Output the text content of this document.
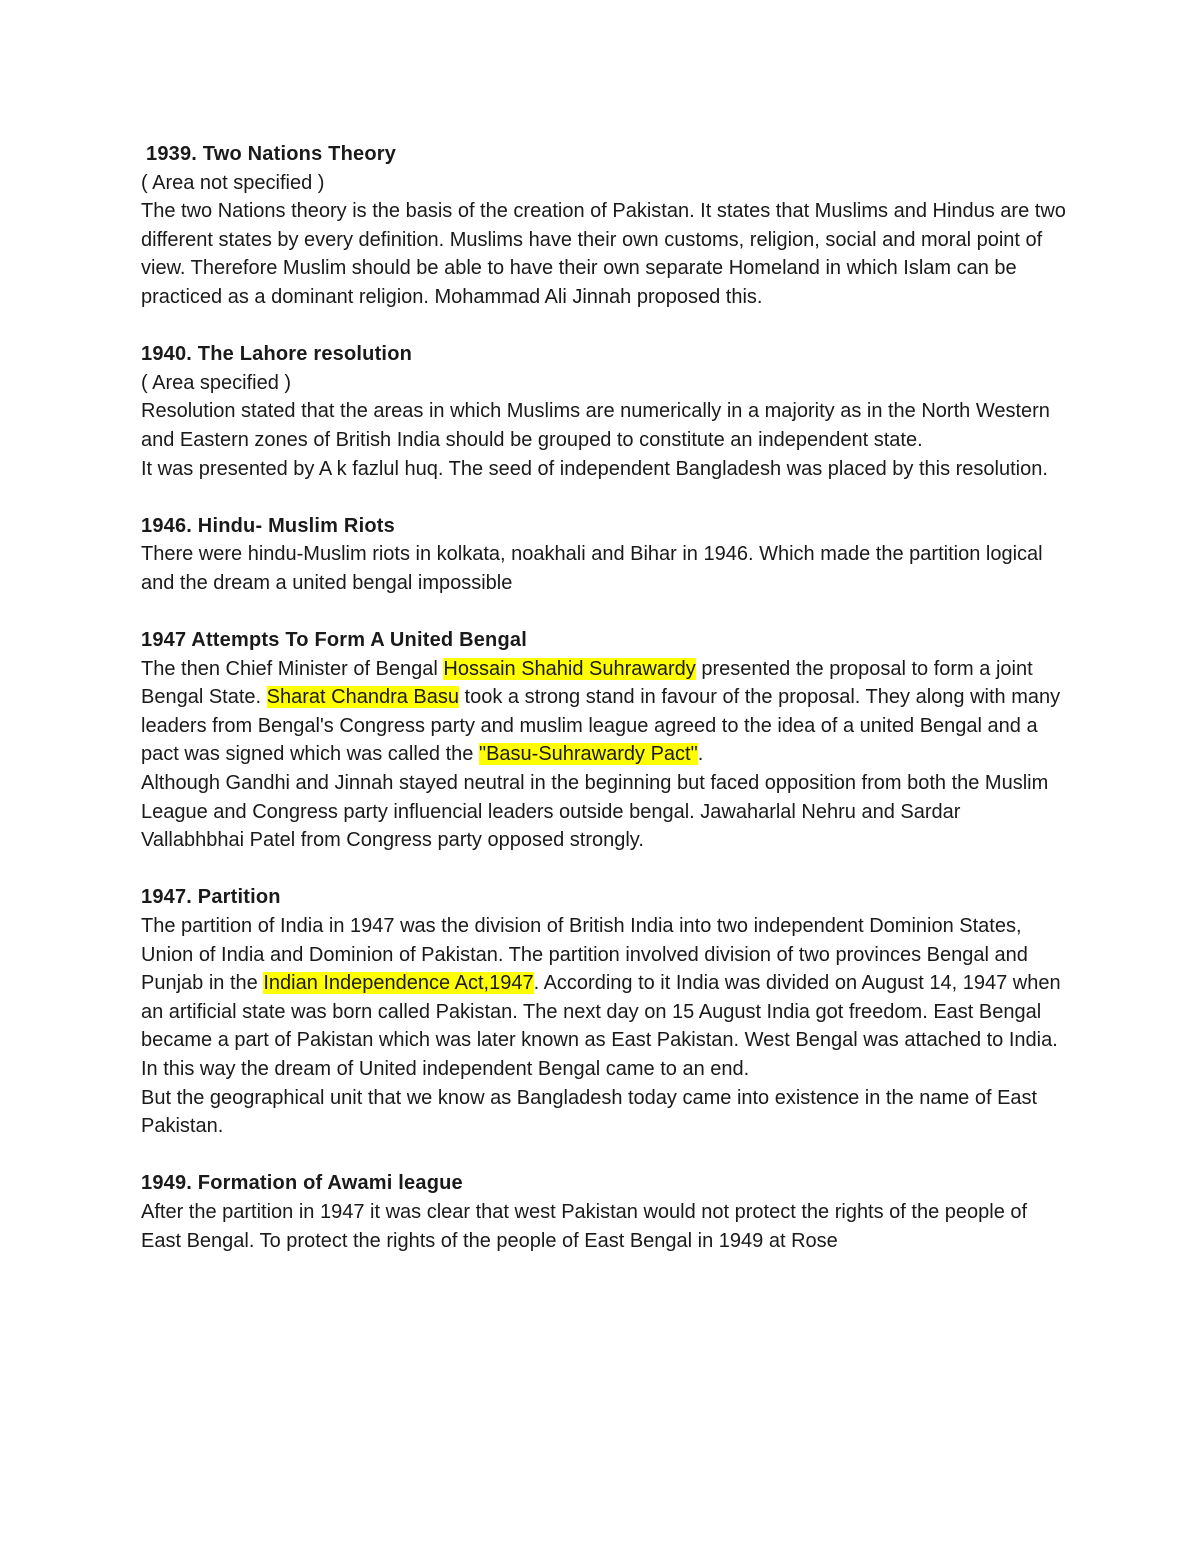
1939. Two Nations Theory

( Area not specified )

The two Nations theory is the basis of the creation of Pakistan. It states that Muslims and Hindus are two different states by every definition. Muslims have their own customs, religion, social and moral point of view. Therefore Muslim should be able to have their own separate Homeland in which Islam can be practiced as a dominant religion. Mohammad Ali Jinnah proposed this.

1940. The Lahore resolution

( Area specified )

Resolution stated that the areas in which Muslims are numerically in a majority as in the North Western and Eastern zones of British India should be grouped to constitute an independent state.

It was presented by A k fazlul huq. The seed of independent Bangladesh was placed by this resolution.

1946. Hindu- Muslim Riots

There were hindu-Muslim riots in kolkata, noakhali and Bihar in 1946. Which made the partition logical and the dream a united bengal impossible

1947 Attempts To Form A United Bengal

The then Chief Minister of Bengal Hossain Shahid Suhrawardy presented the proposal to form a joint Bengal State. Sharat Chandra Basu took a strong stand in favour of the proposal. They along with many leaders from Bengal's Congress party and muslim league agreed to the idea of a united Bengal and a pact was signed which was called the "Basu-Suhrawardy Pact".

Although Gandhi and Jinnah stayed neutral in the beginning but faced opposition from both the Muslim League and Congress party influencial leaders outside bengal. Jawaharlal Nehru and Sardar Vallabhbhai Patel from Congress party opposed strongly.

1947. Partition

The partition of India in 1947 was the division of British India into two independent Dominion States, Union of India and Dominion of Pakistan. The partition involved division of two provinces Bengal and Punjab in the Indian Independence Act,1947. According to it India was divided on August 14, 1947 when an artificial state was born called Pakistan. The next day on 15 August India got freedom. East Bengal became a part of Pakistan which was later known as East Pakistan. West Bengal was attached to India. In this way the dream of United independent Bengal came to an end.

But the geographical unit that we know as Bangladesh today came into existence in the name of East Pakistan.

1949. Formation of Awami league

After the partition in 1947 it was clear that west Pakistan would not protect the rights of the people of East Bengal. To protect the rights of the people of East Bengal in 1949 at Rose
